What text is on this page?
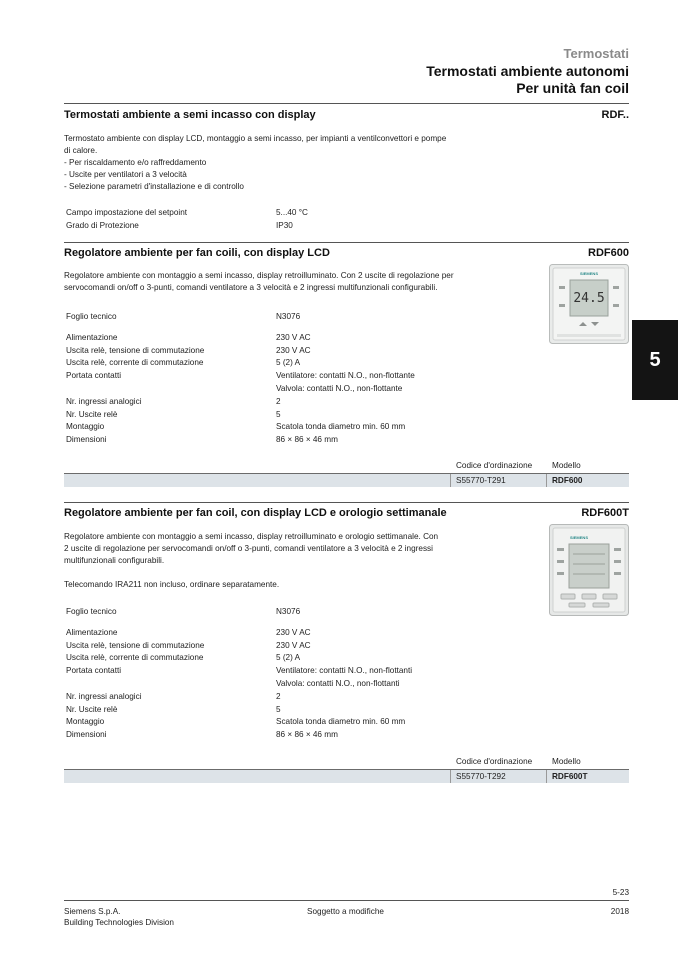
Termostati
Termostati ambiente autonomi
Per unità fan coil
5
Termostati ambiente a semi incasso con display	RDF..

Termostato ambiente con display LCD, montaggio a semi incasso, per impianti a ventilconvettori e pompe

di calore.

- Per riscaldamento e/o raffreddamento

- Uscite per ventilatori a 3 velocità

- Selezione parametri d'installazione e di controllo

Campo impostazione del setpoint	5...40 °C
Grado di Protezione	IP30
Regolatore ambiente per fan coili, con display LCD	RDF600

Regolatore ambiente con montaggio a semi incasso, display retroilluminato. Con 2 uscite di regolazione per

servocomandi on/off o 3-punti, comandi ventilatore a 3 velocità e 2 ingressi multifunzionali configurabili.

SIEMENS
24.5
Foglio tecnico	N3076
Alimentazione	230 V AC
Uscita relè, tensione di commutazione	230 V AC
Uscita relè, corrente di commutazione	5 (2) A
Portata contatti	Ventilatore: contatti N.O., non-flottante
Valvola: contatti N.O., non-flottante
Nr. ingressi analogici	2
Nr. Uscite relè	5
Montaggio	Scatola tonda diametro min. 60 mm
Dimensioni	86 × 86 × 46 mm
Codice d'ordinazione Modello
S55770-T291	RDF600
Regolatore ambiente per fan coil, con display LCD e orologio settimanale	RDF600T

Regolatore ambiente con montaggio a semi incasso, display retroilluminato e orologio settimanale. Con

2 uscite di regolazione per servocomandi on/off o 3-punti, comandi ventilatore a 3 velocità e 2 ingressi

multifunzionali configurabili.

Telecomando IRA211 non incluso, ordinare separatamente.

SIEMENS
Foglio tecnico	N3076
Alimentazione	230 V AC
Uscita relè, tensione di commutazione	230 V AC
Uscita relè, corrente di commutazione	5 (2) A
Portata contatti	Ventilatore: contatti N.O., non-flottanti
Valvola: contatti N.O., non-flottanti
Nr. ingressi analogici	2
Nr. Uscite relè	5
Montaggio	Scatola tonda diametro min. 60 mm
Dimensioni	86 × 86 × 46 mm
Codice d'ordinazione Modello
S55770-T292	RDF600T
5-23
Siemens S.p.A.
Building Technologies Division
Soggetto a modifiche	2018
